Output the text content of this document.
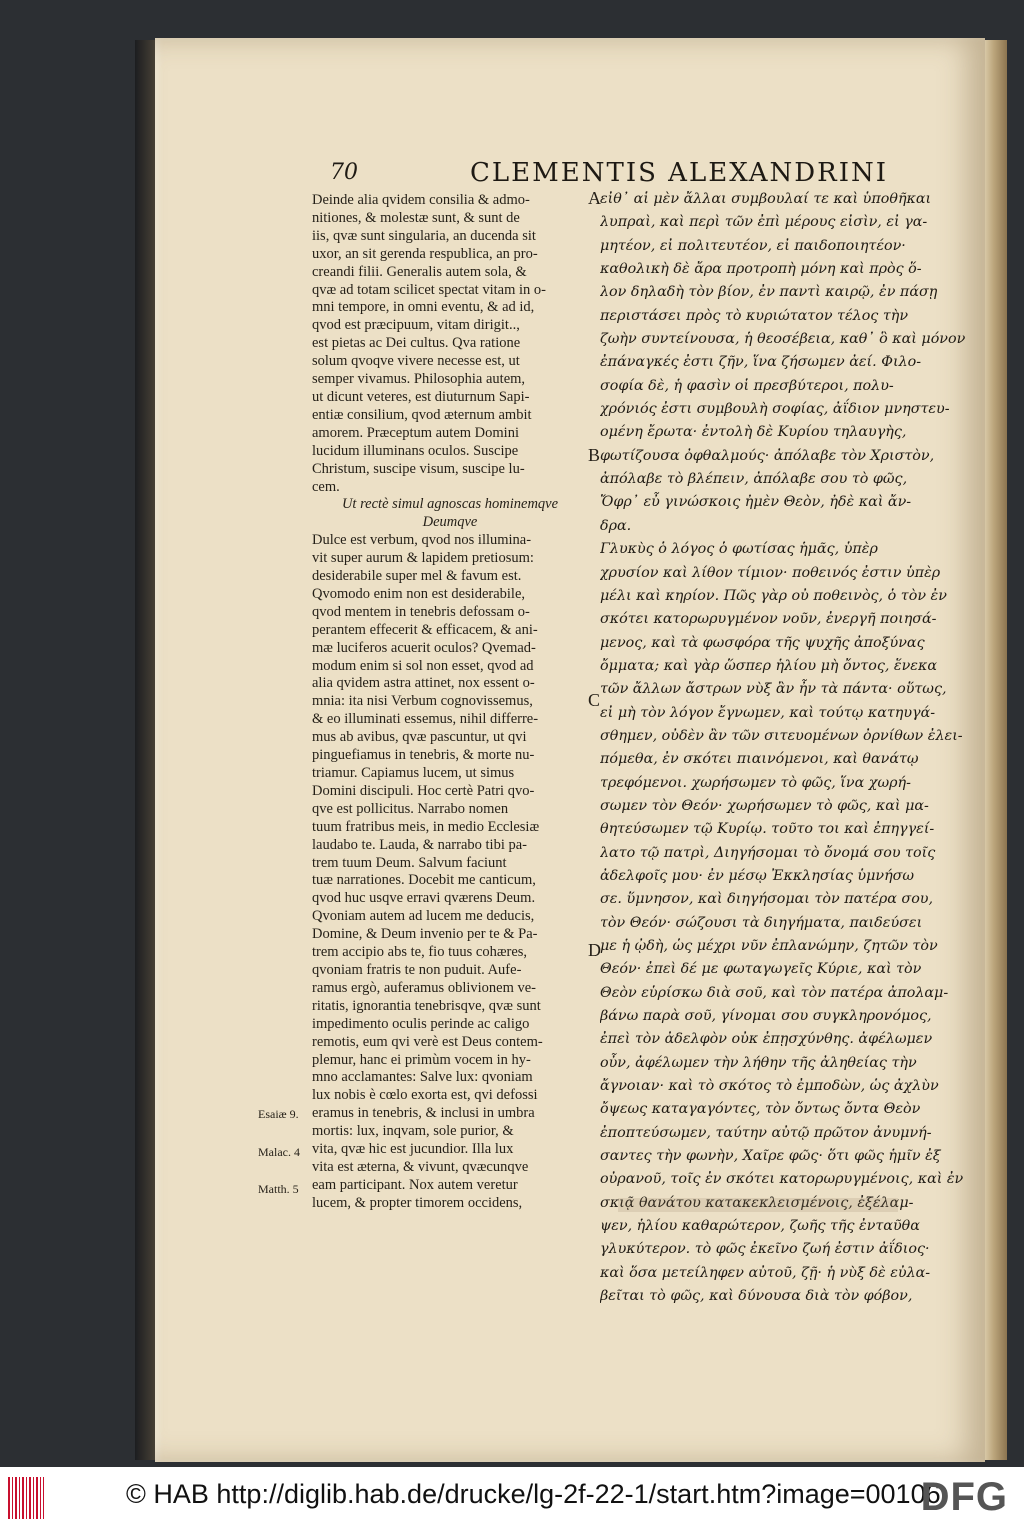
70	CLEMENTIS ALEXANDRINI
Deinde alia qvidem consilia & admo-
nitiones, & molestæ sunt, & sunt de
iis, qvæ sunt singularia, an ducenda sit
uxor, an sit gerenda respublica, an pro-
creandi filii. Generalis autem sola, &
qvæ ad totam scilicet spectat vitam in o-
mni tempore, in omni eventu, & ad id,
qvod est præcipuum, vitam dirigit..,
est pietas ac Dei cultus. Qva ratione
solum qvoqve vivere necesse est, ut
semper vivamus. Philosophia autem,
ut dicunt veteres, est diuturnum Sapi-
entiæ consilium, qvod æternum ambit
amorem. Præceptum autem Domini
lucidum illuminans oculos. Suscipe
Christum, suscipe visum, suscipe lu-
cem.
Ut rectè simul agnoscas hominemqve
Deumqve
Dulce est verbum, qvod nos illumina-
vit super aurum & lapidem pretiosum:
desiderabile super mel & favum est.
Qvomodo enim non est desiderabile,
qvod mentem in tenebris defossam o-
perantem effecerit & efficacem, & ani-
mæ luciferos acuerit oculos? Qvemad-
modum enim si sol non esset, qvod ad
alia qvidem astra attinet, nox essent o-
mnia: ita nisi Verbum cognovissemus,
& eo illuminati essemus, nihil differre-
mus ab avibus, qvæ pascuntur, ut qvi
pinguefiamus in tenebris, & morte nu-
triamur. Capiamus lucem, ut simus
Domini discipuli. Hoc certè Patri qvo-
qve est pollicitus. Narrabo nomen
tuum fratribus meis, in medio Ecclesiæ
laudabo te. Lauda, & narrabo tibi pa-
trem tuum Deum. Salvum faciunt
tuæ narrationes. Docebit me canticum,
qvod huc usqve erravi qværens Deum.
Qvoniam autem ad lucem me deducis,
Domine, & Deum invenio per te & Pa-
trem accipio abs te, fio tuus cohæres,
qvoniam fratris te non puduit. Aufe-
ramus ergò, auferamus oblivionem ve-
ritatis, ignorantia tenebrisqve, qvæ sunt
impedimento oculis perinde ac caligo
remotis, eum qvi verè est Deus contem-
plemur, hanc ei primùm vocem in hy-
mno acclamantes: Salve lux: qvoniam
lux nobis è cœlo exorta est, qvi defossi
eramus in tenebris, & inclusi in umbra
mortis: lux, inqvam, sole purior, &
vita, qvæ hic est jucundior. Illa lux
vita est æterna, & vivunt, qvæcunqve
eam participant. Nox autem veretur
lucem, & propter timorem occidens,
εἰθ᾽ αἱ μὲν ἄλλαι συμβουλαί τε καὶ ὑποθῆκαι
λυπραὶ, καὶ περὶ τῶν ἐπὶ μέρους εἰσὶν, εἰ γα-
μητέον, εἰ πολιτευτέον, εἰ παιδοποιητέον·
καθολικὴ δὲ ἄρα προτροπὴ μόνη καὶ πρὸς ὅ-
λον δηλαδὴ τὸν βίον, ἐν παντὶ καιρῷ, ἐν πάσῃ
περιστάσει πρὸς τὸ κυριώτατον τέλος τὴν
ζωὴν συντείνουσα, ἡ θεοσέβεια, καθ᾽ ὃ καὶ μόνον
ἐπάναγκές ἐστι ζῆν, ἵνα ζήσωμεν ἀεί. Φιλο-
σοφία δὲ, ἡ φασὶν οἱ πρεσβύτεροι, πολυ-
χρόνιός ἐστι συμβουλὴ σοφίας, ἀΐδιον μνηστευ-
ομένη ἔρωτα· ἐντολὴ δὲ Κυρίου τηλαυγὴς,
φωτίζουσα ὀφθαλμούς· ἀπόλαβε τὸν Χριστὸν,
ἀπόλαβε τὸ βλέπειν, ἀπόλαβε σου τὸ φῶς,
Ὄφρ᾽ εὖ γινώσκοις ἠμὲν Θεὸν, ἠδὲ καὶ ἄν-
δρα.
Γλυκὺς ὁ λόγος ὁ φωτίσας ἡμᾶς, ὑπὲρ
χρυσίον καὶ λίθον τίμιον· ποθεινός ἐστιν ὑπὲρ
μέλι καὶ κηρίον. Πῶς γὰρ οὐ ποθεινὸς, ὁ τὸν ἐν
σκότει κατορωρυγμένον νοῦν, ἐνεργῆ ποιησά-
μενος, καὶ τὰ φωσφόρα τῆς ψυχῆς ἀποξύνας
ὄμματα; καὶ γὰρ ὥσπερ ἡλίου μὴ ὄντος, ἕνεκα
τῶν ἄλλων ἄστρων νὺξ ἂν ἦν τὰ πάντα· οὕτως,
εἰ μὴ τὸν λόγον ἔγνωμεν, καὶ τούτῳ κατηυγά-
σθημεν, οὐδὲν ἂν τῶν σιτευομένων ὀρνίθων ἐλει-
πόμεθα, ἐν σκότει πιαινόμενοι, καὶ θανάτῳ
τρεφόμενοι. χωρήσωμεν τὸ φῶς, ἵνα χωρή-
σωμεν τὸν Θεόν· χωρήσωμεν τὸ φῶς, καὶ μα-
θητεύσωμεν τῷ Κυρίῳ. τοῦτο τοι καὶ ἐπηγγεί-
λατο τῷ πατρὶ, Διηγήσομαι τὸ ὄνομά σου τοῖς
ἀδελφοῖς μου· ἐν μέσῳ Ἐκκλησίας ὑμνήσω
σε. ὕμνησον, καὶ διηγήσομαι τὸν πατέρα σου,
τὸν Θεόν· σώζουσι τὰ διηγήματα, παιδεύσει
με ἡ ᾠδὴ, ὡς μέχρι νῦν ἐπλανώμην, ζητῶν τὸν
Θεόν· ἐπεὶ δέ με φωταγωγεῖς Κύριε, καὶ τὸν
Θεὸν εὑρίσκω διὰ σοῦ, καὶ τὸν πατέρα ἀπολαμ-
βάνω παρὰ σοῦ, γίνομαι σου συγκληρονόμος,
ἐπεὶ τὸν ἀδελφὸν οὐκ ἐπῃσχύνθης. ἀφέλωμεν
οὖν, ἀφέλωμεν τὴν λήθην τῆς ἀληθείας τὴν
ἄγνοιαν· καὶ τὸ σκότος τὸ ἐμποδὼν, ὡς ἀχλὺν
ὄψεως καταγαγόντες, τὸν ὄντως ὄντα Θεὸν
ἐποπτεύσωμεν, ταύτην αὐτῷ πρῶτον ἀνυμνή-
σαντες τὴν φωνὴν, Χαῖρε φῶς· ὅτι φῶς ἡμῖν ἐξ
οὐρανοῦ, τοῖς ἐν σκότει κατορωρυγμένοις, καὶ ἐν
σκιᾷ θανάτου κατακεκλεισμένοις, ἐξέλαμ-
ψεν, ἡλίου καθαρώτερον, ζωῆς τῆς ἐνταῦθα
γλυκύτερον. τὸ φῶς ἐκεῖνο ζωή ἐστιν ἀΐδιος·
καὶ ὅσα μετείληφεν αὐτοῦ, ζῇ· ἡ νὺξ δὲ εὐλα-
βεῖται τὸ φῶς, καὶ δύνουσα διὰ τὸν φόβον,
A
B
C
D
Esaiæ 9.
Malac. 4
Matth. 5
© HAB http://diglib.hab.de/drucke/lg-2f-22-1/start.htm?image=00106
DFG
